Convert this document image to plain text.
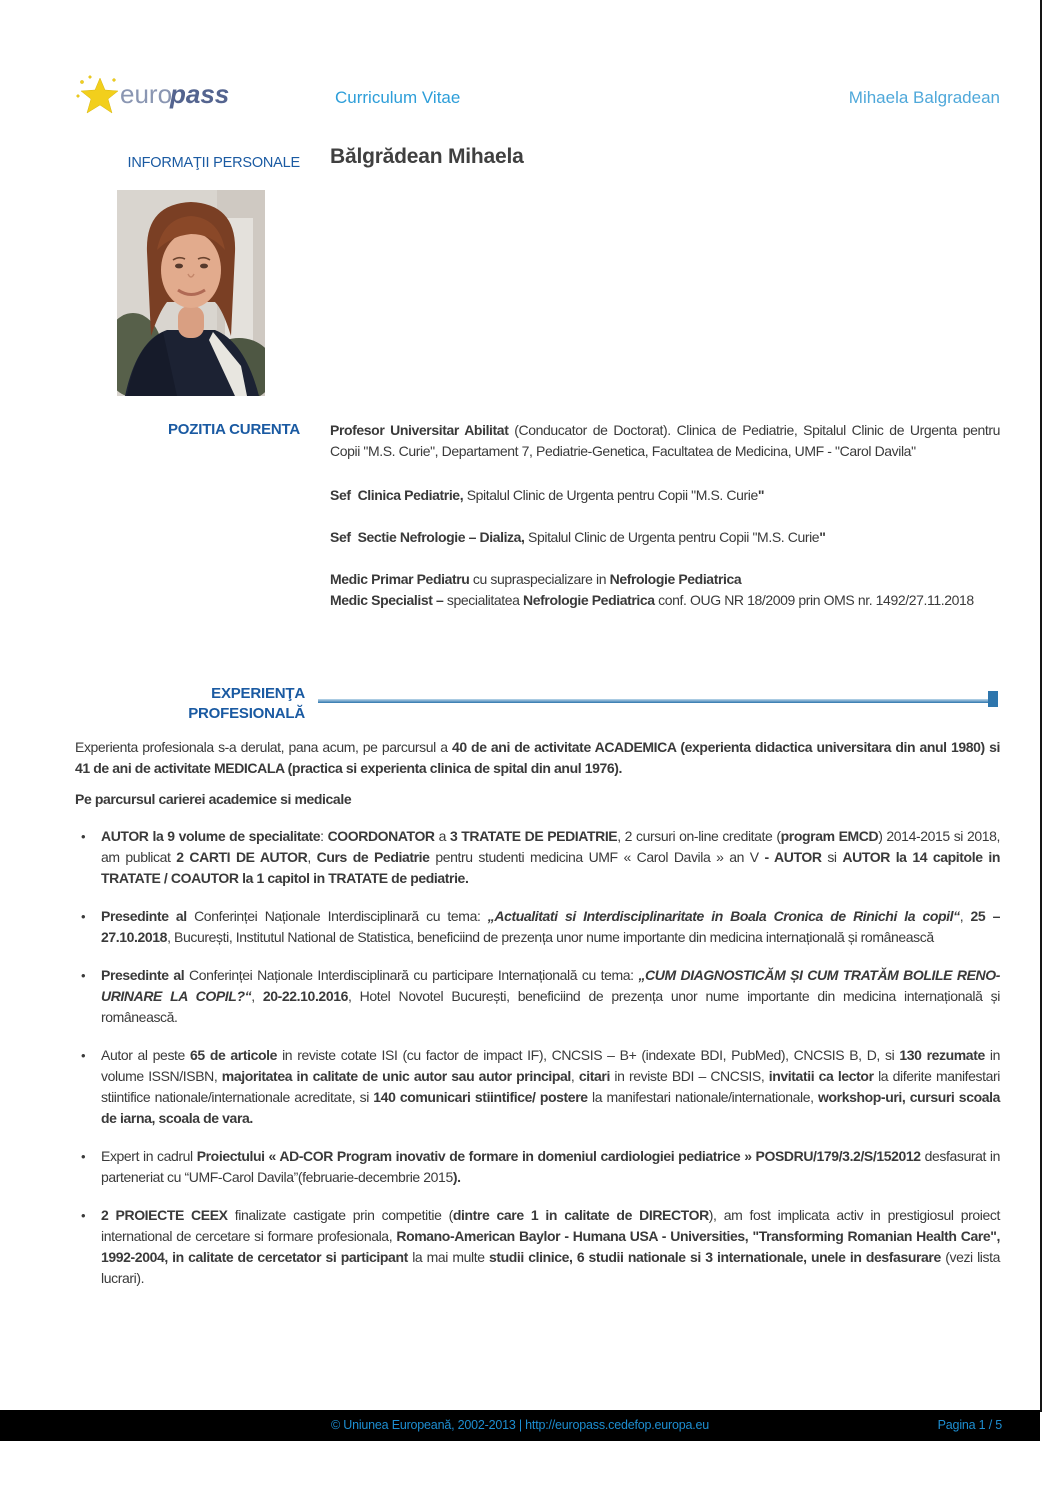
euro
pass	Curriculum Vitae	Mihaela Balgradean
INFORMAŢII PERSONALE Bălgrădean Mihaela
POZITIA CURENTA Profesor Universitar Abilitat (Conducator de Doctorat). Clinica de Pediatrie, Spitalul Clinic de Urgenta pentru Copii "M.S. Curie", Departament 7, Pediatrie-Genetica, Facultatea de Medicina, UMF - "Carol Davila"

Sef  Clinica Pediatrie, Spitalul Clinic de Urgenta pentru Copii "M.S. Curie"

Sef  Sectie Nefrologie – Dializa, Spitalul Clinic de Urgenta pentru Copii "M.S. Curie"

Medic Primar Pediatru cu supraspecializare in Nefrologie Pediatrica

Medic Specialist – specialitatea Nefrologie Pediatrica conf. OUG NR 18/2009 prin OMS nr. 1492/27.11.2018

EXPERIENŢA
PROFESIONALĂ

Experienta profesionala s-a derulat, pana acum, pe parcursul a 40 de ani de activitate ACADEMICA (experienta didactica universitara din anul 1980) si 41 de ani de activitate MEDICALA (practica si experienta clinica de spital din anul 1976).

Pe parcursul carierei academice si medicale

• AUTOR la 9 volume de specialitate: COORDONATOR a 3 TRATATE DE PEDIATRIE, 2 cursuri on-line creditate (program EMCD) 2014-2015 si 2018, am publicat 2 CARTI DE AUTOR, Curs de Pediatrie pentru studenti medicina UMF « Carol Davila » an V - AUTOR si AUTOR la 14 capitole in TRATATE / COAUTOR la 1 capitol in TRATATE de pediatrie.
• Presedinte al Conferinței Naționale Interdisciplinară cu tema: „Actualitati si Interdisciplinaritate in Boala Cronica de Rinichi la copil“, 25 – 27.10.2018, București, Institutul National de Statistica, beneficiind de prezența unor nume importante din medicina internațională și românească
• Presedinte al Conferinței Naționale Interdisciplinară cu participare Internațională cu tema: „CUM DIAGNOSTICĂM ȘI CUM TRATĂM BOLILE RENO-URINARE LA COPIL?“, 20-22.10.2016, Hotel Novotel București, beneficiind de prezența unor nume importante din medicina internațională și românească.
• Autor al peste 65 de articole in reviste cotate ISI (cu factor de impact IF), CNCSIS – B+ (indexate BDI, PubMed), CNCSIS B, D, si 130 rezumate in volume ISSN/ISBN, majoritatea in calitate de unic autor sau autor principal, citari in reviste BDI – CNCSIS, invitatii ca lector la diferite manifestari stiintifice nationale/internationale acreditate, si 140 comunicari stiintifice/ postere la manifestari nationale/internationale, workshop-uri, cursuri scoala de iarna, scoala de vara.
• Expert in cadrul Proiectului « AD-COR Program inovativ de formare in domeniul cardiologiei pediatrice » POSDRU/179/3.2/S/152012 desfasurat in parteneriat cu “UMF-Carol Davila”(februarie-decembrie 2015).
• 2 PROIECTE CEEX finalizate castigate prin competitie (dintre care 1 in calitate de DIRECTOR), am fost implicata activ in prestigiosul proiect international de cercetare si formare profesionala, Romano-American Baylor - Humana USA - Universities, "Transforming Romanian Health Care", 1992-2004, in calitate de cercetator si participant la mai multe studii clinice, 6 studii nationale si 3 internationale, unele in desfasurare (vezi lista lucrari).
© Uniunea Europeană, 2002-2013 | http://europass.cedefop.europa.eu	Pagina 1 / 5
